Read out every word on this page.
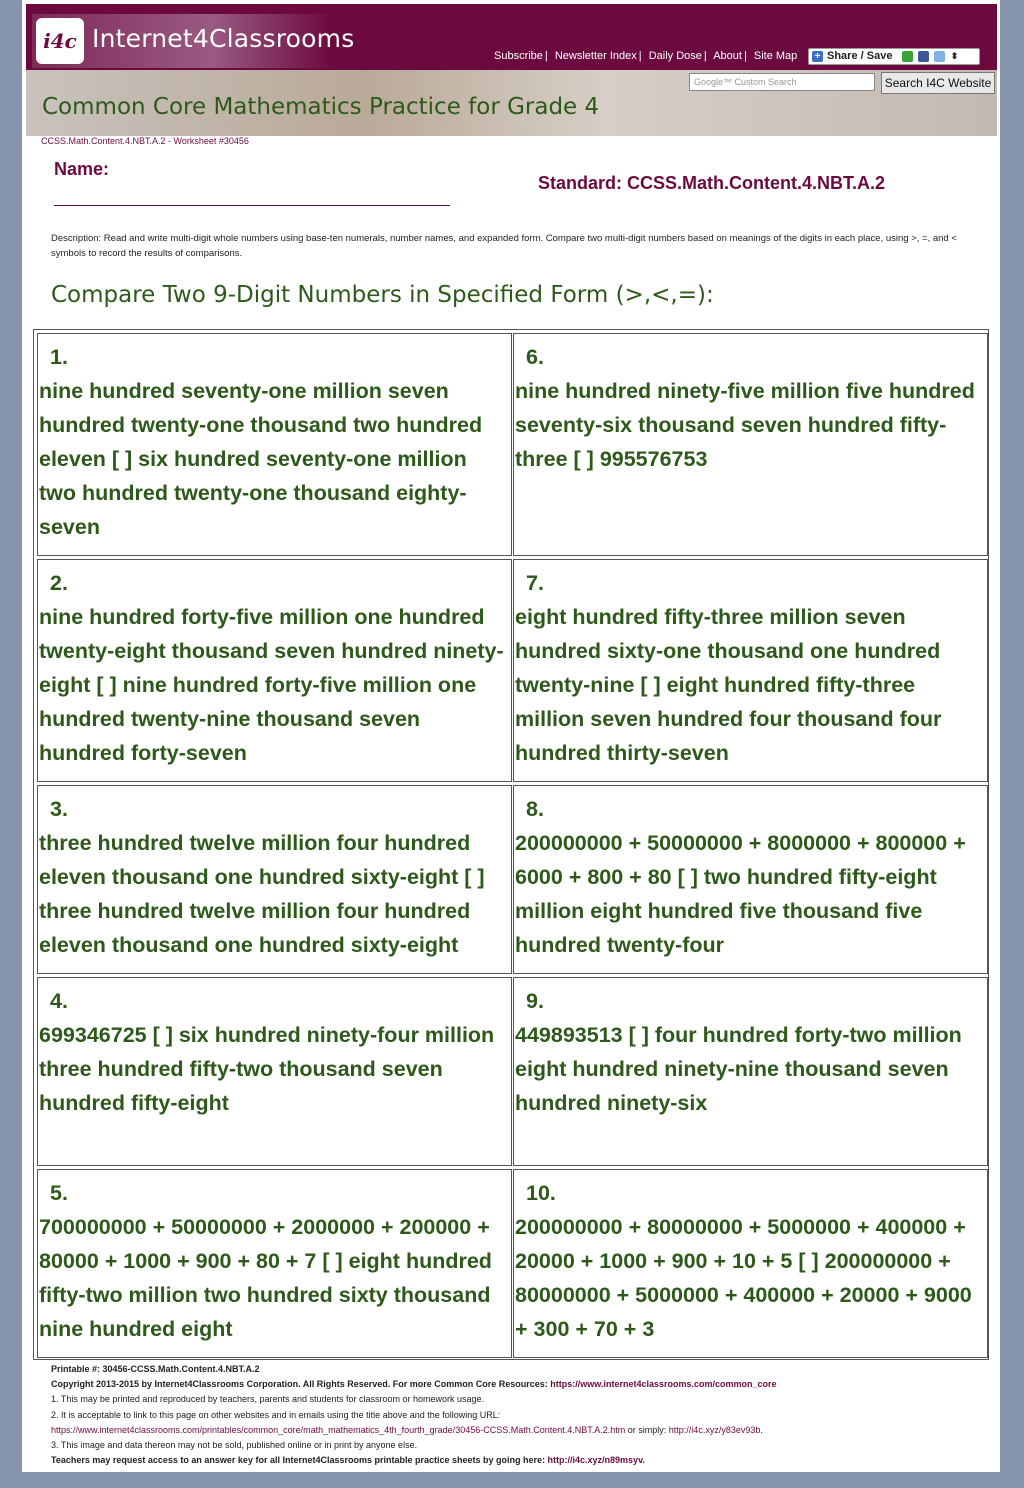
i4c Internet4Classrooms
Subscribe | Newsletter Index | Daily Dose | About | Site Map	+ Share / Save	⬍
Google™ Custom Search	Search I4C Website
Common Core Mathematics Practice for Grade 4
CCSS.Math.Content.4.NBT.A.2 - Worksheet #30456
Name:
Standard: CCSS.Math.Content.4.NBT.A.2
Description: Read and write multi-digit whole numbers using base-ten numerals, number names, and expanded form. Compare two multi-digit numbers based on meanings of the digits in each place, using >, =, and < symbols to record the results of comparisons.
Compare Two 9-Digit Numbers in Specified Form (>,<,=):
1.
nine hundred seventy-one million seven
hundred twenty-one thousand two hundred
eleven [ ] six hundred seventy-one million
two hundred twenty-one thousand eighty-
seven
2.
nine hundred forty-five million one hundred
twenty-eight thousand seven hundred ninety-
eight [ ] nine hundred forty-five million one
hundred twenty-nine thousand seven
hundred forty-seven
3.
three hundred twelve million four hundred
eleven thousand one hundred sixty-eight [ ]
three hundred twelve million four hundred
eleven thousand one hundred sixty-eight
4.
699346725 [ ] six hundred ninety-four million
three hundred fifty-two thousand seven
hundred fifty-eight
5.
700000000 + 50000000 + 2000000 + 200000 +
80000 + 1000 + 900 + 80 + 7 [ ] eight hundred
fifty-two million two hundred sixty thousand
nine hundred eight
6.
nine hundred ninety-five million five hundred
seventy-six thousand seven hundred fifty-
three [ ] 995576753
7.
eight hundred fifty-three million seven
hundred sixty-one thousand one hundred
twenty-nine [ ] eight hundred fifty-three
million seven hundred four thousand four
hundred thirty-seven
8.
200000000 + 50000000 + 8000000 + 800000 +
6000 + 800 + 80 [ ] two hundred fifty-eight
million eight hundred five thousand five
hundred twenty-four
9.
449893513 [ ] four hundred forty-two million
eight hundred ninety-nine thousand seven
hundred ninety-six
10.
200000000 + 80000000 + 5000000 + 400000 +
20000 + 1000 + 900 + 10 + 5 [ ] 200000000 +
80000000 + 5000000 + 400000 + 20000 + 9000
+ 300 + 70 + 3
Printable #: 30456-CCSS.Math.Content.4.NBT.A.2
Copyright 2013-2015 by Internet4Classrooms Corporation. All Rights Reserved. For more Common Core Resources: https://www.internet4classrooms.com/common_core
1. This may be printed and reproduced by teachers, parents and students for classroom or homework usage.
2. It is acceptable to link to this page on other websites and in emails using the title above and the following URL:
https://www.internet4classrooms.com/printables/common_core/math_mathematics_4th_fourth_grade/30456-CCSS.Math.Content.4.NBT.A.2.htm or simply: http://i4c.xyz/y83ev93b.
3. This image and data thereon may not be sold, published online or in print by anyone else.
Teachers may request access to an answer key for all Internet4Classrooms printable practice sheets by going here: http://i4c.xyz/n89msyv.
